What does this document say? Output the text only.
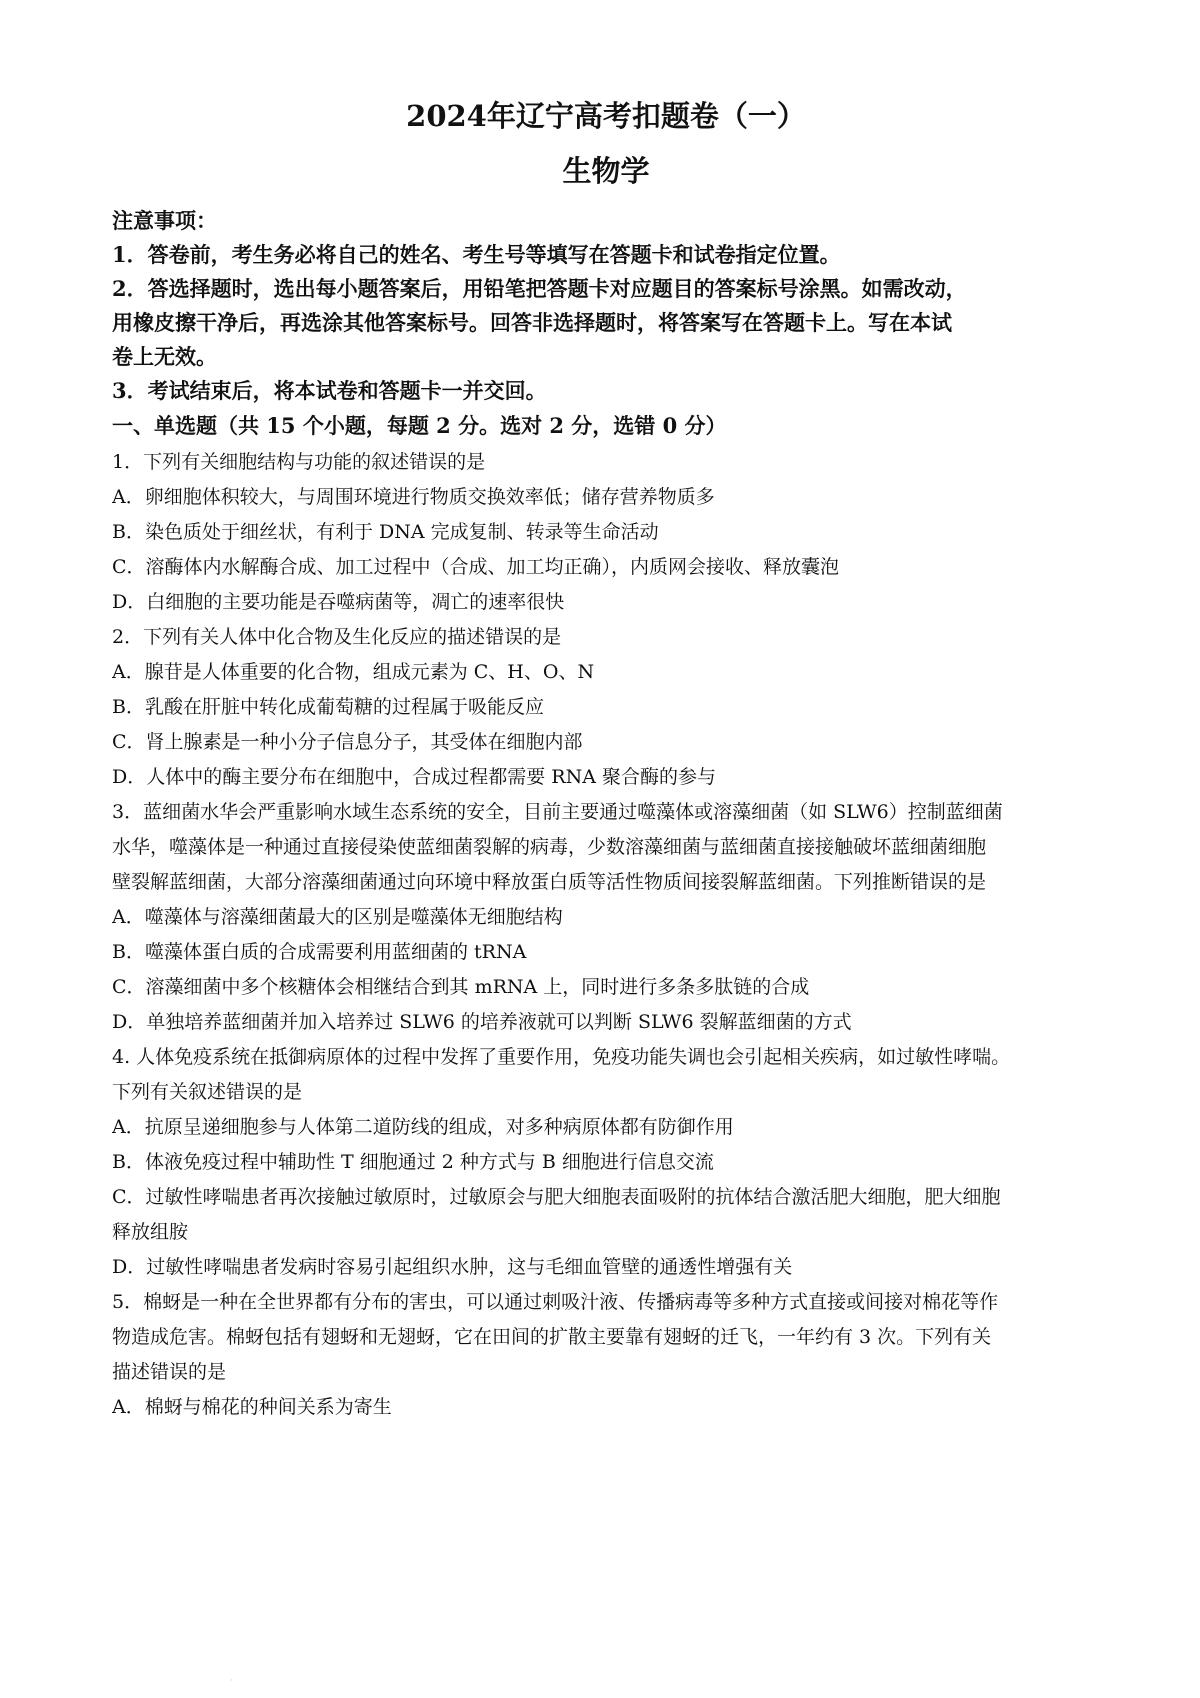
2024年辽宁高考扣题卷（一）
生物学
注意事项：
1．答卷前，考生务必将自己的姓名、考生号等填写在答题卡和试卷指定位置。
2．答选择题时，选出每小题答案后，用铅笔把答题卡对应题目的答案标号涂黑。如需改动，
用橡皮擦干净后，再选涂其他答案标号。回答非选择题时，将答案写在答题卡上。写在本试
卷上无效。
3．考试结束后，将本试卷和答题卡一并交回。
一、单选题（共 15 个小题，每题 2 分。选对 2 分，选错 0 分）
1．下列有关细胞结构与功能的叙述错误的是
A．卵细胞体积较大，与周围环境进行物质交换效率低；储存营养物质多
B．染色质处于细丝状，有利于 DNA 完成复制、转录等生命活动
C．溶酶体内水解酶合成、加工过程中（合成、加工均正确），内质网会接收、释放囊泡
D．白细胞的主要功能是吞噬病菌等，凋亡的速率很快
2．下列有关人体中化合物及生化反应的描述错误的是
A．腺苷是人体重要的化合物，组成元素为 C、H、O、N
B．乳酸在肝脏中转化成葡萄糖的过程属于吸能反应
C．肾上腺素是一种小分子信息分子，其受体在细胞内部
D．人体中的酶主要分布在细胞中，合成过程都需要 RNA 聚合酶的参与
3．蓝细菌水华会严重影响水域生态系统的安全，目前主要通过噬藻体或溶藻细菌（如 SLW6）控制蓝细菌
水华，噬藻体是一种通过直接侵染使蓝细菌裂解的病毒，少数溶藻细菌与蓝细菌直接接触破坏蓝细菌细胞
壁裂解蓝细菌，大部分溶藻细菌通过向环境中释放蛋白质等活性物质间接裂解蓝细菌。下列推断错误的是
A．噬藻体与溶藻细菌最大的区别是噬藻体无细胞结构
B．噬藻体蛋白质的合成需要利用蓝细菌的 tRNA
C．溶藻细菌中多个核糖体会相继结合到其 mRNA 上，同时进行多条多肽链的合成
D．单独培养蓝细菌并加入培养过 SLW6 的培养液就可以判断 SLW6 裂解蓝细菌的方式
4. 人体免疫系统在抵御病原体的过程中发挥了重要作用，免疫功能失调也会引起相关疾病，如过敏性哮喘。
下列有关叙述错误的是
A．抗原呈递细胞参与人体第二道防线的组成，对多种病原体都有防御作用
B．体液免疫过程中辅助性 T 细胞通过 2 种方式与 B 细胞进行信息交流
C．过敏性哮喘患者再次接触过敏原时，过敏原会与肥大细胞表面吸附的抗体结合激活肥大细胞，肥大细胞
释放组胺
D．过敏性哮喘患者发病时容易引起组织水肿，这与毛细血管壁的通透性增强有关
5．棉蚜是一种在全世界都有分布的害虫，可以通过刺吸汁液、传播病毒等多种方式直接或间接对棉花等作
物造成危害。棉蚜包括有翅蚜和无翅蚜，它在田间的扩散主要靠有翅蚜的迁飞，一年约有 3 次。下列有关
描述错误的是
A．棉蚜与棉花的种间关系为寄生
·
